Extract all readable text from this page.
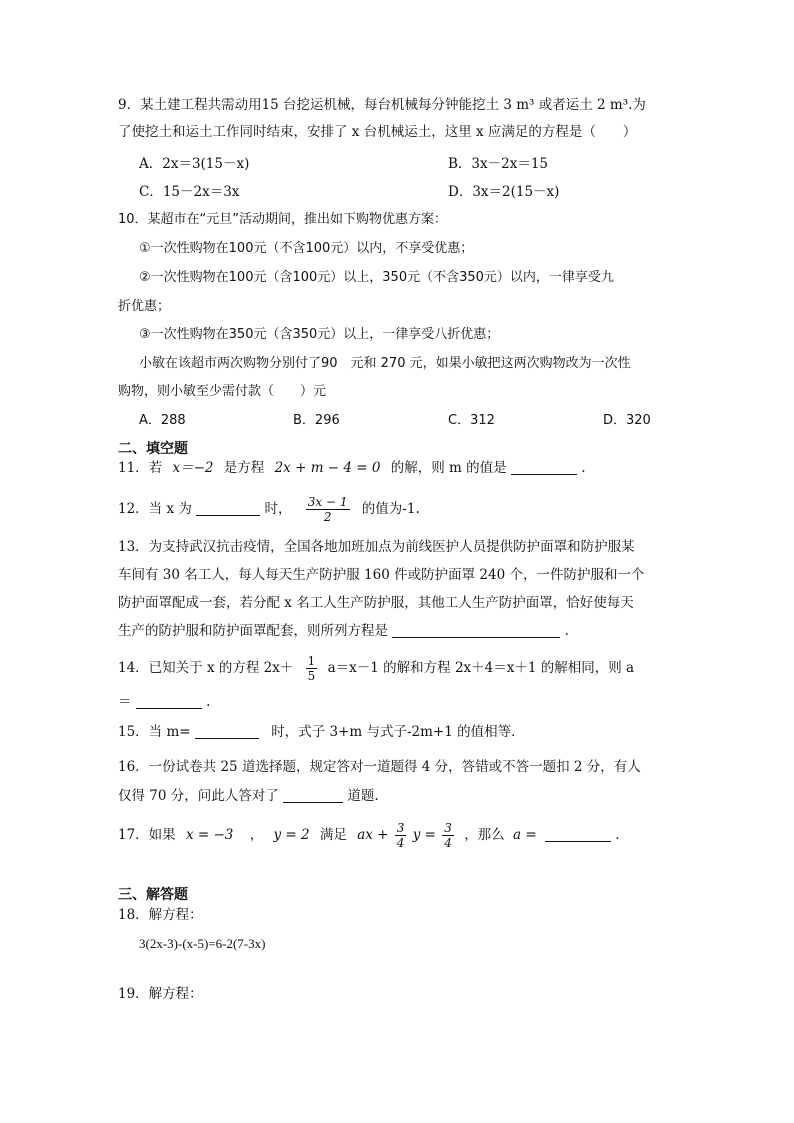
9．某土建工程共需动用15 台挖运机械，每台机械每分钟能挖土 3 m³ 或者运土 2 m³.为
了使挖土和运土工作同时结束，安排了 x 台机械运土，这里 x 应满足的方程是（　　）
A．2x＝3(15－x)	B．3x－2x＝15
C．15－2x＝3x	D．3x＝2(15－x)
10．某超市在“元旦”活动期间，推出如下购物优惠方案：
①一次性购物在100元（不含100元）以内，不享受优惠；
②一次性购物在100元（含100元）以上，350元（不含350元）以内，一律享受九
折优惠；
③一次性购物在350元（含350元）以上，一律享受八折优惠；
小敏在该超市两次购物分别付了90　元和 270 元，如果小敏把这两次购物改为一次性
购物，则小敏至少需付款（　　）元
A．288	B．296	C．312	D．320
二、填空题
11．若 x＝−2 是方程 2x + m − 4 = 0 的解，则 m 的值是	.
12．当 x 为	时， $\frac{3x - 1}{2}$ 的值为-1.
13．为支持武汉抗击疫情，全国各地加班加点为前线医护人员提供防护面罩和防护服某
车间有 30 名工人，每人每天生产防护服 160 件或防护面罩 240 个，一件防护服和一个
防护面罩配成一套，若分配 x 名工人生产防护服，其他工人生产防护面罩，恰好使每天
生产的防护服和防护面罩配套，则所列方程是	.
14．已知关于 x 的方程 $2x+ \frac{1}{5} a=x-1$ 的解和方程 2x＋4＝x＋1 的解相同，则 a
＝	.
15．当 m=	时，式子 3+m 与式子-2m+1 的值相等．
16．一份试卷共 25 道选择题，规定答对一道题得 4 分，答错或不答一题扣 2 分，有人
仅得 70 分，问此人答对了	道题.
17．如果 x = −3 ， y = 2 满足 ax + $\frac{3}{4}$ $y = \frac{3}{4}$ ，那么 a =	.
三、解答题
18．解方程：
3(2x-3)-(x-5)=6-2(7-3x)
19．解方程：
